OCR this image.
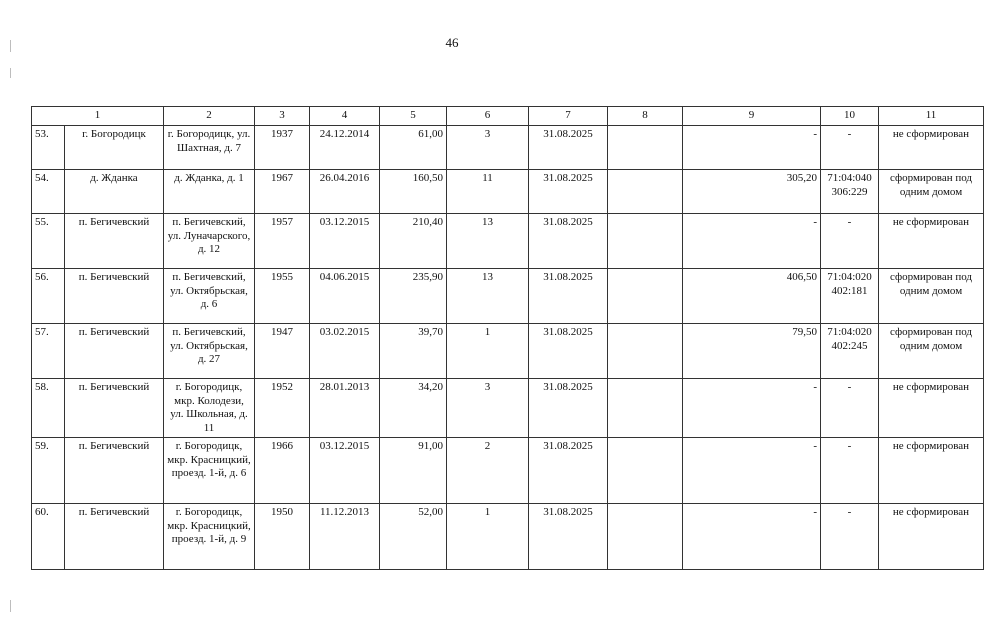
46
1		2	3	4	5	6	7	8	9	10	11
53.	г. Богородицк	г. Богородицк, ул. Шахтная, д. 7	1937	24.12.2014	61,00	3	31.08.2025		-	-	не сформирован
54.	д. Жданка	д. Жданка, д. 1	1967	26.04.2016	160,50	11	31.08.2025		305,20	71:04:040 306:229	сформирован под одним домом
55.	п. Бегичевский	п. Бегичевский, ул. Луначарского, д. 12	1957	03.12.2015	210,40	13	31.08.2025		-	-	не сформирован
56.	п. Бегичевский	п. Бегичевский, ул. Октябрьская, д. 6	1955	04.06.2015	235,90	13	31.08.2025		406,50	71:04:020 402:181	сформирован под одним домом
57.	п. Бегичевский	п. Бегичевский, ул. Октябрьская, д. 27	1947	03.02.2015	39,70	1	31.08.2025		79,50	71:04:020 402:245	сформирован под одним домом
58.	п. Бегичевский	г. Богородицк, мкр. Колодези, ул. Школьная, д. 11	1952	28.01.2013	34,20	3	31.08.2025		-	-	не сформирован
59.	п. Бегичевский	г. Богородицк, мкр. Красницкий, проезд. 1-й, д. 6	1966	03.12.2015	91,00	2	31.08.2025		-	-	не сформирован
60.	п. Бегичевский	г. Богородицк, мкр. Красницкий, проезд. 1-й, д. 9	1950	11.12.2013	52,00	1	31.08.2025		-	-	не сформирован
